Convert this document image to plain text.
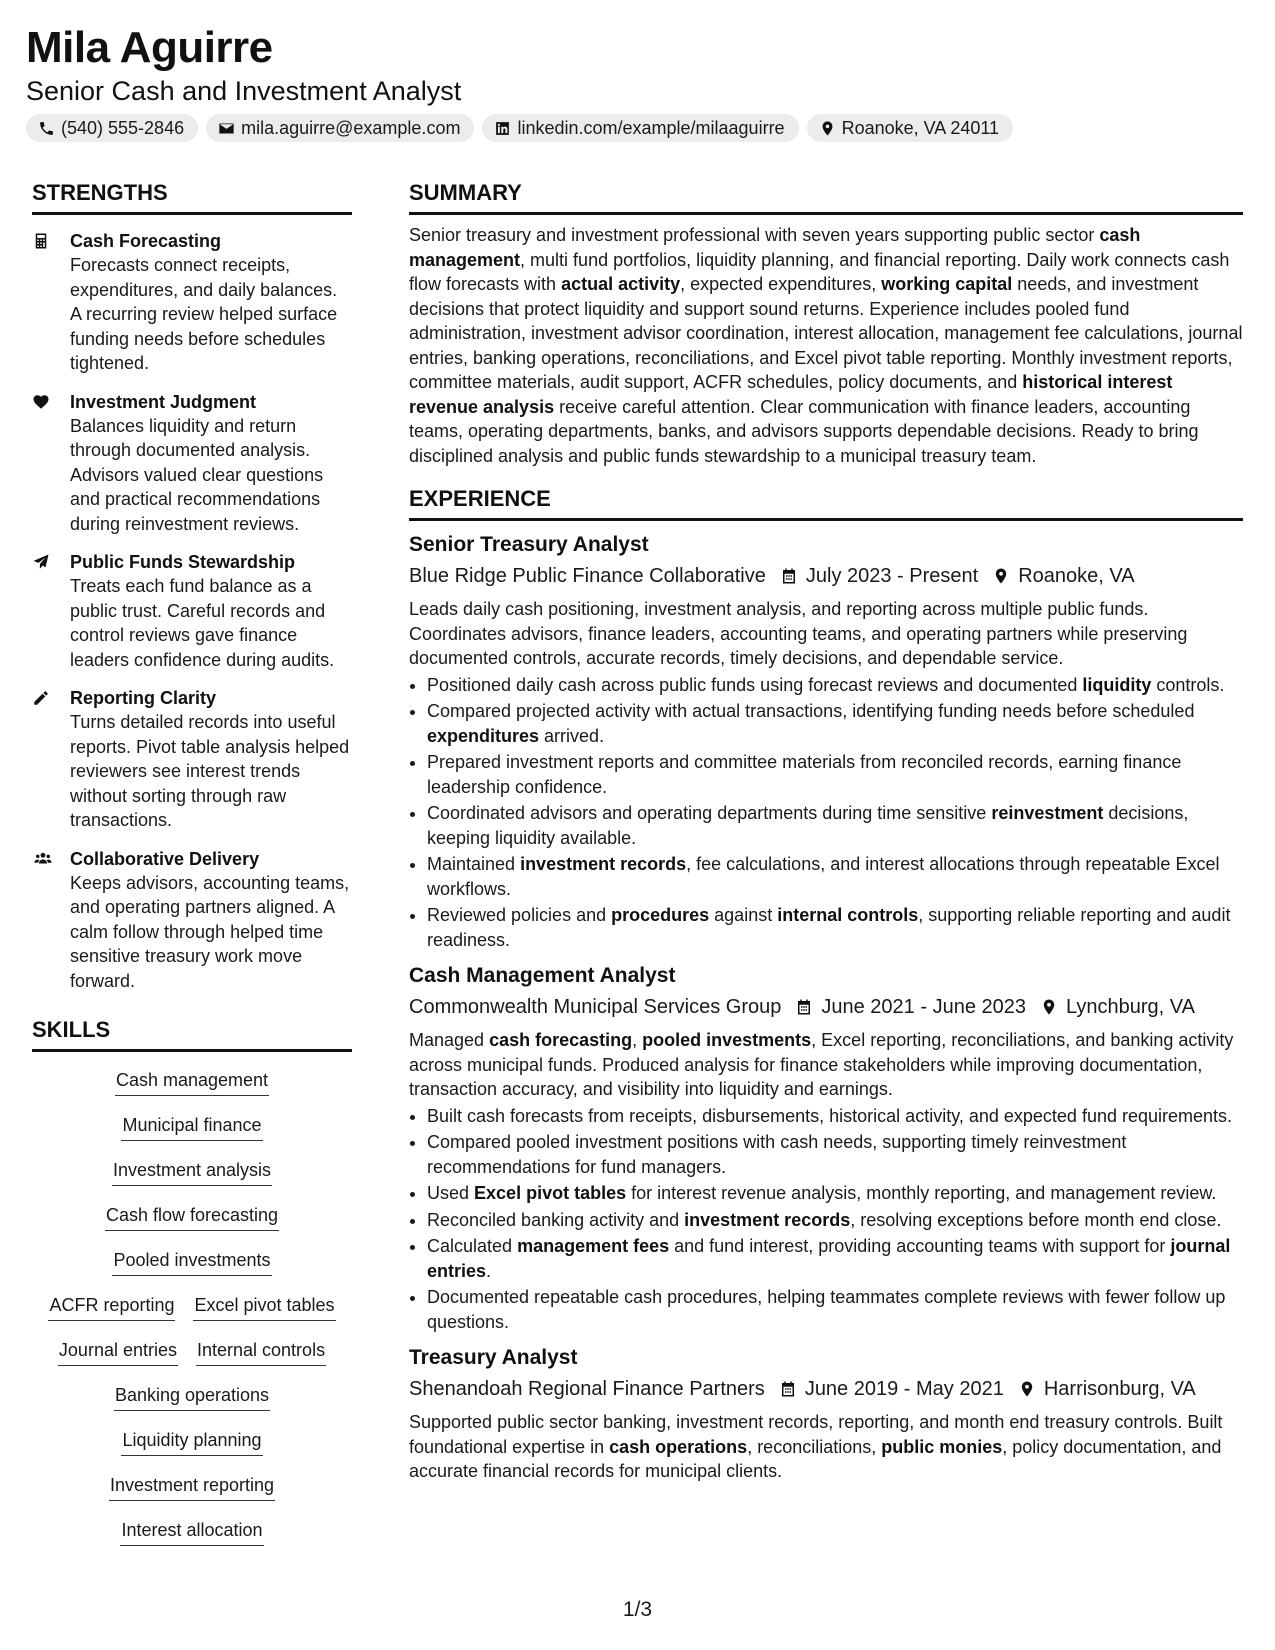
Mila Aguirre
Senior Cash and Investment Analyst
(540) 555-2846	mila.aguirre@example.com	linkedin.com/example/milaaguirre	Roanoke, VA 24011
STRENGTHS
Cash Forecasting
Forecasts connect receipts, expenditures, and daily balances. A recurring review helped surface funding needs before schedules tightened.
Investment Judgment
Balances liquidity and return through documented analysis. Advisors valued clear questions and practical recommendations during reinvestment reviews.
Public Funds Stewardship
Treats each fund balance as a public trust. Careful records and control reviews gave finance leaders confidence during audits.
Reporting Clarity
Turns detailed records into useful reports. Pivot table analysis helped reviewers see interest trends without sorting through raw transactions.
Collaborative Delivery
Keeps advisors, accounting teams, and operating partners aligned. A calm follow through helped time sensitive treasury work move forward.
SKILLS
Cash management
Municipal finance
Investment analysis
Cash flow forecasting
Pooled investments
ACFR reporting Excel pivot tables
Journal entries Internal controls
Banking operations
Liquidity planning
Investment reporting
Interest allocation
SUMMARY
Senior treasury and investment professional with seven years supporting public sector cash management, multi fund portfolios, liquidity planning, and financial reporting. Daily work connects cash flow forecasts with actual activity, expected expenditures, working capital needs, and investment decisions that protect liquidity and support sound returns. Experience includes pooled fund administration, investment advisor coordination, interest allocation, management fee calculations, journal entries, banking operations, reconciliations, and Excel pivot table reporting. Monthly investment reports, committee materials, audit support, ACFR schedules, policy documents, and historical interest revenue analysis receive careful attention. Clear communication with finance leaders, accounting teams, operating departments, banks, and advisors supports dependable decisions. Ready to bring disciplined analysis and public funds stewardship to a municipal treasury team.
EXPERIENCE
Senior Treasury Analyst
Blue Ridge Public Finance Collaborative July 2023 - Present Roanoke, VA
Leads daily cash positioning, investment analysis, and reporting across multiple public funds. Coordinates advisors, finance leaders, accounting teams, and operating partners while preserving documented controls, accurate records, timely decisions, and dependable service.
• Positioned daily cash across public funds using forecast reviews and documented liquidity controls.
• Compared projected activity with actual transactions, identifying funding needs before scheduled expenditures arrived.
• Prepared investment reports and committee materials from reconciled records, earning finance leadership confidence.
• Coordinated advisors and operating departments during time sensitive reinvestment decisions, keeping liquidity available.
• Maintained investment records, fee calculations, and interest allocations through repeatable Excel workflows.
• Reviewed policies and procedures against internal controls, supporting reliable reporting and audit readiness.
Cash Management Analyst
Commonwealth Municipal Services Group June 2021 - June 2023 Lynchburg, VA
Managed cash forecasting, pooled investments, Excel reporting, reconciliations, and banking activity across municipal funds. Produced analysis for finance stakeholders while improving documentation, transaction accuracy, and visibility into liquidity and earnings.
• Built cash forecasts from receipts, disbursements, historical activity, and expected fund requirements.
• Compared pooled investment positions with cash needs, supporting timely reinvestment recommendations for fund managers.
• Used Excel pivot tables for interest revenue analysis, monthly reporting, and management review.
• Reconciled banking activity and investment records, resolving exceptions before month end close.
• Calculated management fees and fund interest, providing accounting teams with support for journal entries.
• Documented repeatable cash procedures, helping teammates complete reviews with fewer follow up questions.
Treasury Analyst
Shenandoah Regional Finance Partners June 2019 - May 2021 Harrisonburg, VA
Supported public sector banking, investment records, reporting, and month end treasury controls. Built foundational expertise in cash operations, reconciliations, public monies, policy documentation, and accurate financial records for municipal clients.
1/3
